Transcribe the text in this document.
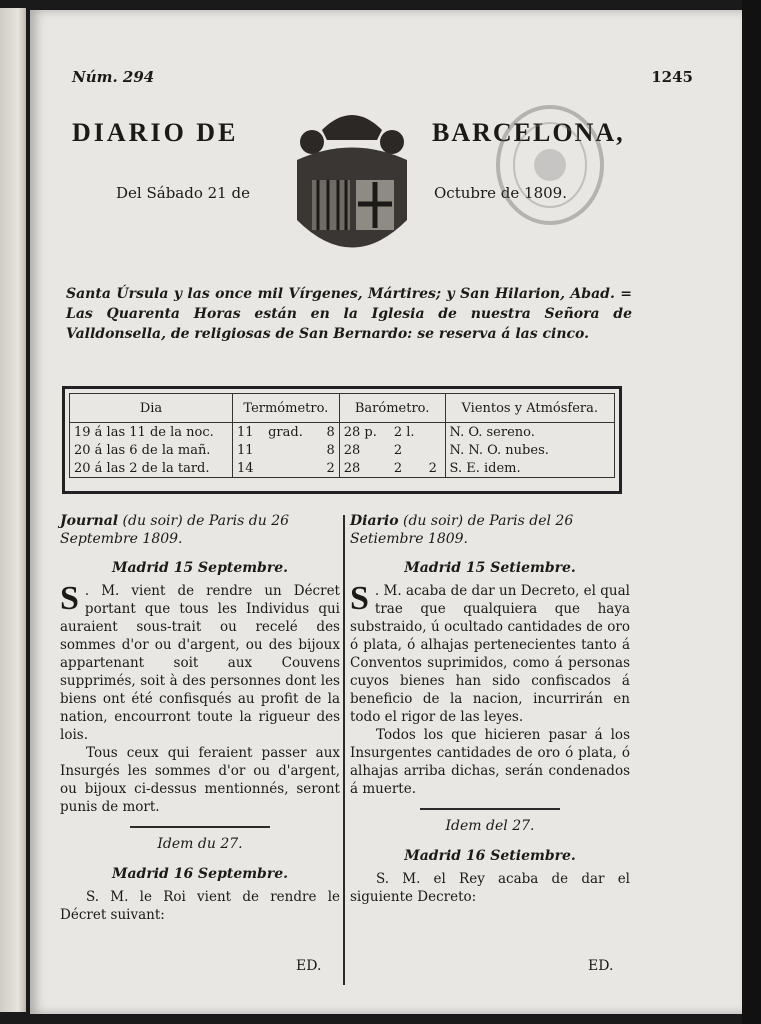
Núm. 294	1245
DIARIO DE	BARCELONA,
Del Sábado 21 de	Octubre de 1809.
Santa Úrsula y las once mil Vírgenes, Mártires; y San Hilarion, Abad. = Las Quarenta Horas están en la Iglesia de nuestra Señora de Valldonsella, de religiosas de San Bernardo: se reserva á las cinco.
Dia	Termómetro.			Barómetro.			Vientos y Atmósfera.
19 á las 11 de la noc.	11	grad.	8	28 p.	2 l.		N. O. sereno.
20 á las 6 de la mañ.	11		8	28	2		N. N. O. nubes.
20 á las 2 de la tard.	14		2	28	2	2	S. E. idem.
Journal (du soir) de Paris du 26 Septembre 1809.
Madrid 15 Septembre.
S . M. vient de rendre un Décret portant que tous les Individus qui auraient sous-trait ou recelé des sommes d'or ou d'argent, ou des bijoux appartenant soit aux Couvens supprimés, soit à des personnes dont les biens ont été confisqués au profit de la nation, encourront toute la rigueur des lois.

Tous ceux qui feraient passer aux Insurgés les sommes d'or ou d'argent, ou bijoux ci-dessus mentionnés, seront punis de mort.

Idem du 27.
Madrid 16 Septembre.
S. M. le Roi vient de rendre le Décret suivant:
Diario (du soir) de Paris del 26 Setiembre 1809.
Madrid 15 Setiembre.
S . M. acaba de dar un Decreto, el qual trae que qualquiera que haya substraido, ú ocultado cantidades de oro ó plata, ó alhajas pertenecientes tanto á Conventos suprimidos, como á personas cuyos bienes han sido confiscados á beneficio de la nacion, incurrirán en todo el rigor de las leyes.

Todos los que hicieren pasar á los Insurgentes cantidades de oro ó plata, ó alhajas arriba dichas, serán condenados á muerte.

Idem del 27.
Madrid 16 Setiembre.
S. M. el Rey acaba de dar el siguiente Decreto:
ED.	ED.
